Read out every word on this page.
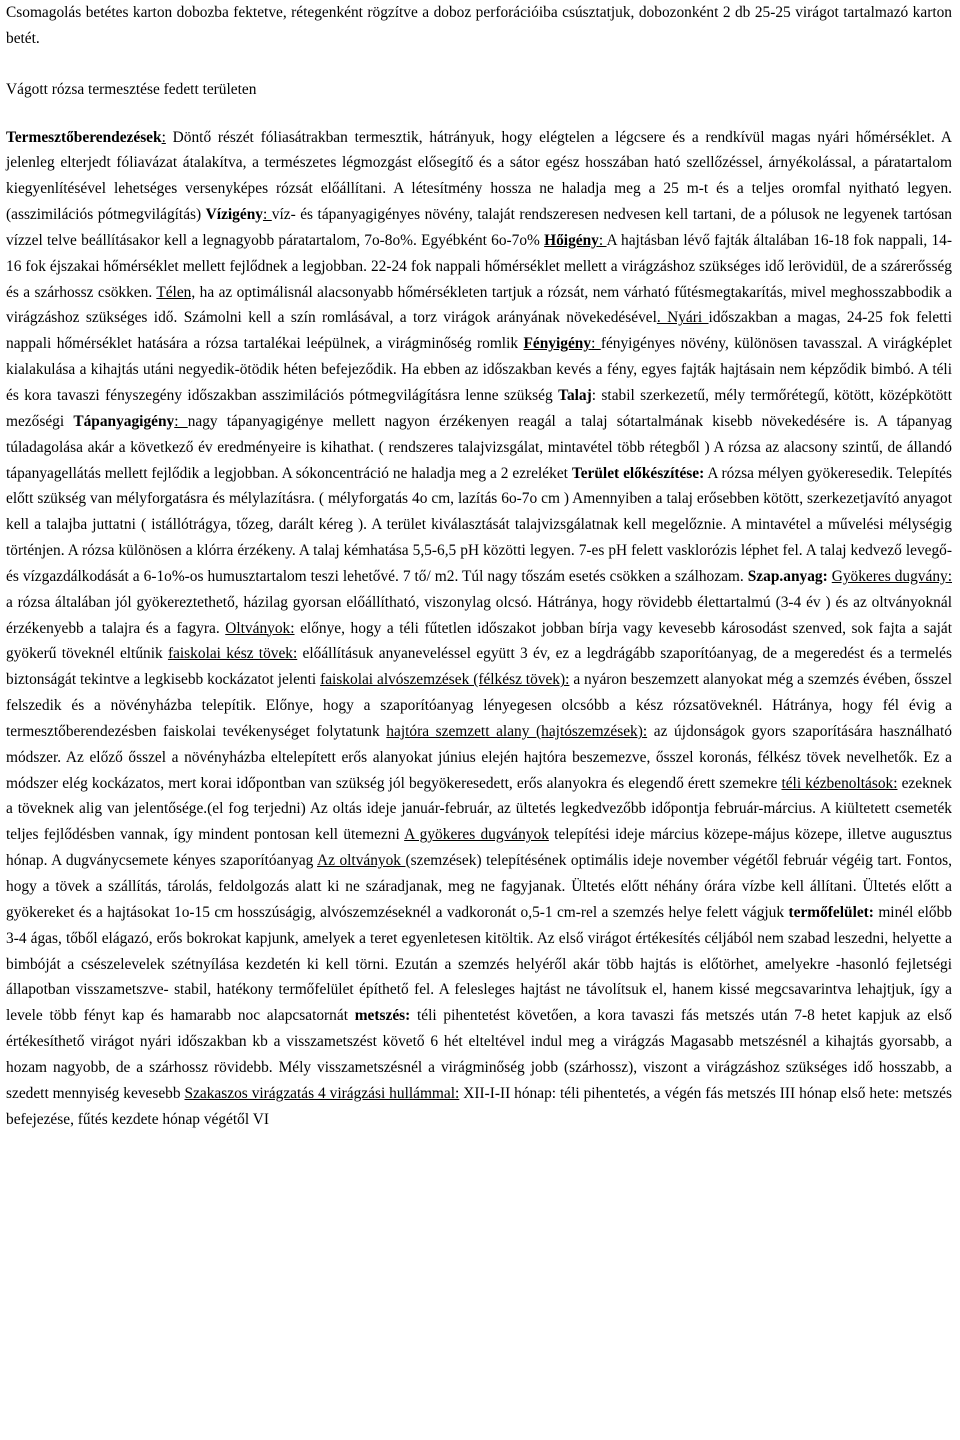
Csomagolás betétes karton dobozba fektetve, rétegenként rögzítve a doboz perforációiba csúsztatjuk, dobozonként 2 db 25-25 virágot tartalmazó karton betét.

Vágott rózsa termesztése fedett területen

Termesztőberendezések: Döntő részét fóliasátrakban termesztik, hátrányuk, hogy elégtelen a légcsere és a rendkívül magas nyári hőmérséklet. A jelenleg elterjedt fóliavázat átalakítva, a természetes légmozgást elősegítő és a sátor egész hosszában ható szellőzéssel, árnyékolással, a páratartalom kiegyenlítésével lehetséges versenyképes rózsát előállítani. A létesítmény hossza ne haladja meg a 25 m-t és a teljes oromfal nyitható legyen. (asszimilációs pótmegvilágítás) Vízigény: víz- és tápanyagigényes növény, talaját rendszeresen nedvesen kell tartani, de a pólusok ne legyenek tartósan vízzel telve beállításakor kell a legnagyobb páratartalom, 7o-8o%. Egyébként 6o-7o% Hőigény: A hajtásban lévő fajták általában 16-18 fok nappali, 14-16 fok éjszakai hőmérséklet mellett fejlődnek a legjobban. 22-24 fok nappali hőmérséklet mellett a virágzáshoz szükséges idő lerövidül, de a szárerősség és a szárhossz csökken. Télen, ha az optimálisnál alacsonyabb hőmérsékleten tartjuk a rózsát, nem várható fűtésmegtakarítás, mivel meghosszabbodik a virágzáshoz szükséges idő. Számolni kell a szín romlásával, a torz virágok arányának növekedésével. Nyári időszakban a magas, 24-25 fok feletti nappali hőmérséklet hatására a rózsa tartalékai leépülnek, a virágminőség romlik Fényigény: fényigényes növény, különösen tavasszal. A virágképlet kialakulása a kihajtás utáni negyedik-ötödik héten befejeződik. Ha ebben az időszakban kevés a fény, egyes fajták hajtásain nem képződik bimbó. A téli és kora tavaszi fényszegény időszakban asszimilációs pótmegvilágításra lenne szükség Talaj: stabil szerkezetű, mély termőrétegű, kötött, középkötött mezőségi Tápanyagigény: nagy tápanyagigénye mellett nagyon érzékenyen reagál a talaj sótartalmának kisebb növekedésére is. A tápanyag túladagolása akár a következő év eredményeire is kihathat. ( rendszeres talajvizsgálat, mintavétel több rétegből ) A rózsa az alacsony szintű, de állandó tápanyagellátás mellett fejlődik a legjobban. A sókoncentráció ne haladja meg a 2 ezreléket Terület előkészítése: A rózsa mélyen gyökeresedik. Telepítés előtt szükség van mélyforgatásra és mélylazításra. ( mélyforgatás 4o cm, lazítás 6o-7o cm ) Amennyiben a talaj erősebben kötött, szerkezetjavító anyagot kell a talajba juttatni ( istállótrágya, tőzeg, darált kéreg ). A terület kiválasztását talajvizsgálatnak kell megelőznie. A mintavétel a művelési mélységig történjen. A rózsa különösen a klórra érzékeny. A talaj kémhatása 5,5-6,5 pH közötti legyen. 7-es pH felett vasklorózis léphet fel. A talaj kedvező levegő- és vízgazdálkodását a 6-1o%-os humusztartalom teszi lehetővé. 7 tő/ m2. Túl nagy tőszám esetés csökken a szálhozam. Szap.anyag: Gyökeres dugvány: a rózsa általában jól gyökereztethető, házilag gyorsan előállítható, viszonylag olcsó. Hátránya, hogy rövidebb élettartalmú (3-4 év ) és az oltványoknál érzékenyebb a talajra és a fagyra. Oltványok: előnye, hogy a téli fűtetlen időszakot jobban bírja vagy kevesebb károsodást szenved, sok fajta a saját gyökerű töveknél eltűnik faiskolai kész tövek: előállításuk anyaneveléssel együtt 3 év, ez a legdrágább szaporítóanyag, de a megeredést és a termelés biztonságát tekintve a legkisebb kockázatot jelenti faiskolai alvószemzések (félkész tövek): a nyáron beszemzett alanyokat még a szemzés évében, ősszel felszedik és a növényházba telepítik. Előnye, hogy a szaporítóanyag lényegesen olcsóbb a kész rózsatöveknél. Hátránya, hogy fél évig a termesztőberendezésben faiskolai tevékenységet folytatunk hajtóra szemzett alany (hajtószemzések): az újdonságok gyors szaporítására használható módszer. Az előző ősszel a növényházba eltelepített erős alanyokat június elején hajtóra beszemezve, ősszel koronás, félkész tövek nevelhetők. Ez a módszer elég kockázatos, mert korai időpontban van szükség jól begyökeresedett, erős alanyokra és elegendő érett szemekre téli kézbenoltások: ezeknek a töveknek alig van jelentősége.(el fog terjedni) Az oltás ideje január-február, az ültetés legkedvezőbb időpontja február-március. A kiültetett csemeték teljes fejlődésben vannak, így mindent pontosan kell ütemezni A gyökeres dugványok telepítési ideje március közepe-május közepe, illetve augusztus hónap. A dugványcsemete kényes szaporítóanyag Az oltványok (szemzések) telepítésének optimális ideje november végétől február végéig tart. Fontos, hogy a tövek a szállítás, tárolás, feldolgozás alatt ki ne száradjanak, meg ne fagyjanak. Ültetés előtt néhány órára vízbe kell állítani. Ültetés előtt a gyökereket és a hajtásokat 1o-15 cm hosszúságig, alvószemzéseknél a vadkoronát o,5-1 cm-rel a szemzés helye felett vágjuk termőfelület: minél előbb 3-4 ágas, tőből elágazó, erős bokrokat kapjunk, amelyek a teret egyenletesen kitöltik. Az első virágot értékesítés céljából nem szabad leszedni, helyette a bimbóját a csészelevelek szétnyílása kezdetén ki kell törni. Ezután a szemzés helyéről akár több hajtás is előtörhet, amelyekre -hasonló fejletségi állapotban visszametszve- stabil, hatékony termőfelület építhető fel. A felesleges hajtást ne távolítsuk el, hanem kissé megcsavarintva lehajtjuk, így a levele több fényt kap és hamarabb nοc alapcsatornát metszés: téli pihentetést követően, a kora tavaszi fás metszés után 7-8 hetet kapjuk az első értékesíthető virágot nyári időszakban kb a visszametszést követő 6 hét elteltével indul meg a virágzás Magasabb metszésnél a kihajtás gyorsabb, a hozam nagyobb, de a szárhossz rövidebb. Mély visszametszésnél a virágminőség jobb (szárhossz), viszont a virágzáshoz szükséges idő hosszabb, a szedett mennyiség kevesebb Szakaszos virágzatás 4 virágzási hullámmal: XII-I-II hónap: téli pihentetés, a végén fás metszés III hónap első hete: metszés befejezése, fűtés kezdete hónap végétől VI
